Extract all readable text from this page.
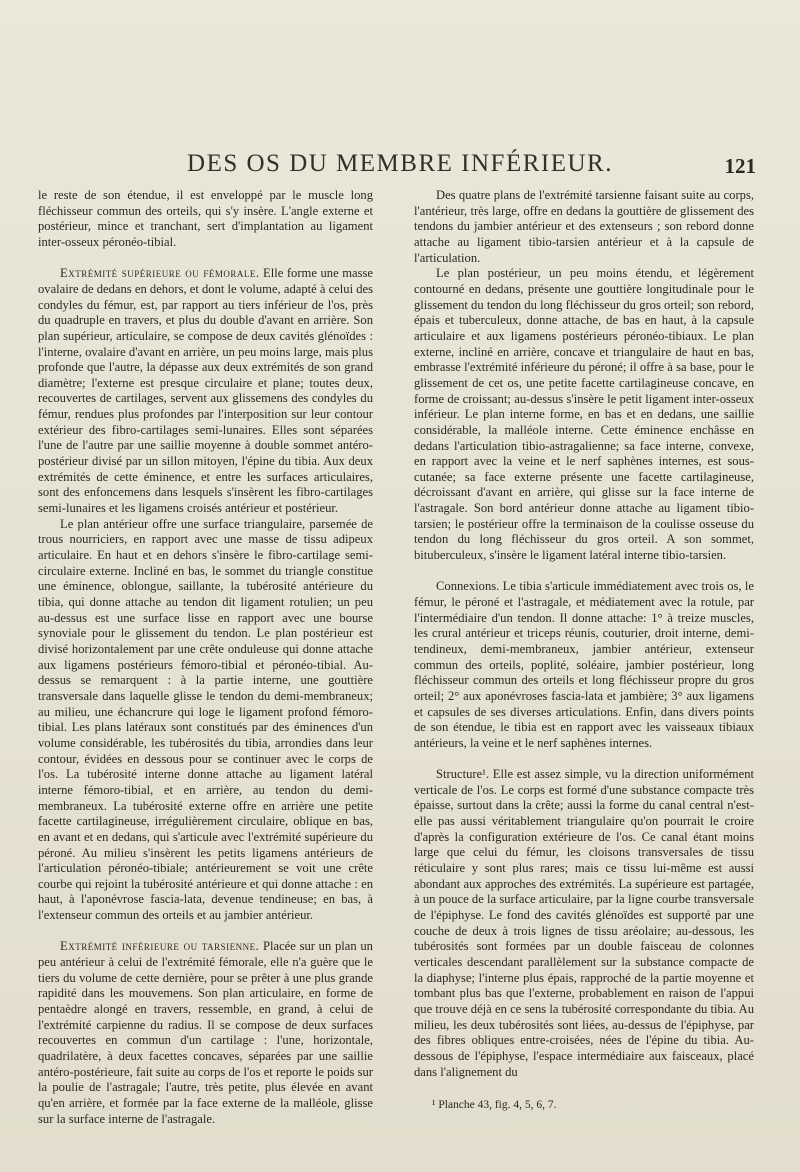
DES OS DU MEMBRE INFÉRIEUR.	121

le reste de son étendue, il est enveloppé par le muscle long fléchisseur commun des orteils, qui s'y insère. L'angle externe et postérieur, mince et tranchant, sert d'implantation au ligament inter-osseux péronéo-tibial.

Extrémité supérieure ou fémorale. Elle forme une masse ovalaire de dedans en dehors, et dont le volume, adapté à celui des condyles du fémur, est, par rapport au tiers inférieur de l'os, près du quadruple en travers, et plus du double d'avant en arrière. Son plan supérieur, articulaire, se compose de deux cavités glénoïdes : l'interne, ovalaire d'avant en arrière, un peu moins large, mais plus profonde que l'autre, la dépasse aux deux extrémités de son grand diamètre; l'externe est presque circulaire et plane; toutes deux, recouvertes de cartilages, servent aux glissemens des condyles du fémur, rendues plus profondes par l'interposition sur leur contour extérieur des fibro-cartilages semi-lunaires. Elles sont séparées l'une de l'autre par une saillie moyenne à double sommet antéro-postérieur divisé par un sillon mitoyen, l'épine du tibia. Aux deux extrémités de cette éminence, et entre les surfaces articulaires, sont des enfoncemens dans lesquels s'insèrent les fibro-cartilages semi-lunaires et les ligamens croisés antérieur et postérieur.

Le plan antérieur offre une surface triangulaire, parsemée de trous nourriciers, en rapport avec une masse de tissu adipeux articulaire. En haut et en dehors s'insère le fibro-cartilage semi-circulaire externe. Incliné en bas, le sommet du triangle constitue une éminence, oblongue, saillante, la tubérosité antérieure du tibia, qui donne attache au tendon dit ligament rotulien; un peu au-dessus est une surface lisse en rapport avec une bourse synoviale pour le glissement du tendon. Le plan postérieur est divisé horizontalement par une crête onduleuse qui donne attache aux ligamens postérieurs fémoro-tibial et péronéo-tibial. Au-dessus se remarquent : à la partie interne, une gouttière transversale dans laquelle glisse le tendon du demi-membraneux; au milieu, une échancrure qui loge le ligament profond fémoro-tibial. Les plans latéraux sont constitués par des éminences d'un volume considérable, les tubérosités du tibia, arrondies dans leur contour, évidées en dessous pour se continuer avec le corps de l'os. La tubérosité interne donne attache au ligament latéral interne fémoro-tibial, et en arrière, au tendon du demi-membraneux. La tubérosité externe offre en arrière une petite facette cartilagineuse, irrégulièrement circulaire, oblique en bas, en avant et en dedans, qui s'articule avec l'extrémité supérieure du péroné. Au milieu s'insèrent les petits ligamens antérieurs de l'articulation péronéo-tibiale; antérieurement se voit une crête courbe qui rejoint la tubérosité antérieure et qui donne attache : en haut, à l'aponévrose fascia-lata, devenue tendineuse; en bas, à l'extenseur commun des orteils et au jambier antérieur.

Extrémité inférieure ou tarsienne. Placée sur un plan un peu antérieur à celui de l'extrémité fémorale, elle n'a guère que le tiers du volume de cette dernière, pour se prêter à une plus grande rapidité dans les mouvemens. Son plan articulaire, en forme de pentaèdre alongé en travers, ressemble, en grand, à celui de l'extrémité carpienne du radius. Il se compose de deux surfaces recouvertes en commun d'un cartilage : l'une, horizontale, quadrilatère, à deux facettes concaves, séparées par une saillie antéro-postérieure, fait suite au corps de l'os et reporte le poids sur la poulie de l'astragale; l'autre, très petite, plus élevée en avant qu'en arrière, et formée par la face externe de la malléole, glisse sur la surface interne de l'astragale.

Des quatre plans de l'extrémité tarsienne faisant suite au corps, l'antérieur, très large, offre en dedans la gouttière de glissement des tendons du jambier antérieur et des extenseurs ; son rebord donne attache au ligament tibio-tarsien antérieur et à la capsule de l'articulation.

Le plan postérieur, un peu moins étendu, et légèrement contourné en dedans, présente une gouttière longitudinale pour le glissement du tendon du long fléchisseur du gros orteil; son rebord, épais et tuberculeux, donne attache, de bas en haut, à la capsule articulaire et aux ligamens postérieurs péronéo-tibiaux. Le plan externe, incliné en arrière, concave et triangulaire de haut en bas, embrasse l'extrémité inférieure du péroné; il offre à sa base, pour le glissement de cet os, une petite facette cartilagineuse concave, en forme de croissant; au-dessus s'insère le petit ligament inter-osseux inférieur. Le plan interne forme, en bas et en dedans, une saillie considérable, la malléole interne. Cette éminence enchâsse en dedans l'articulation tibio-astragalienne; sa face interne, convexe, en rapport avec la veine et le nerf saphènes internes, est sous-cutanée; sa face externe présente une facette cartilagineuse, décroissant d'avant en arrière, qui glisse sur la face interne de l'astragale. Son bord antérieur donne attache au ligament tibio-tarsien; le postérieur offre la terminaison de la coulisse osseuse du tendon du long fléchisseur du gros orteil. A son sommet, bituberculeux, s'insère le ligament latéral interne tibio-tarsien.

Connexions. Le tibia s'articule immédiatement avec trois os, le fémur, le péroné et l'astragale, et médiatement avec la rotule, par l'intermédiaire d'un tendon. Il donne attache: 1° à treize muscles, les crural antérieur et triceps réunis, couturier, droit interne, demi-tendineux, demi-membraneux, jambier antérieur, extenseur commun des orteils, poplité, soléaire, jambier postérieur, long fléchisseur commun des orteils et long fléchisseur propre du gros orteil; 2° aux aponévroses fascia-lata et jambière; 3° aux ligamens et capsules de ses diverses articulations. Enfin, dans divers points de son étendue, le tibia est en rapport avec les vaisseaux tibiaux antérieurs, la veine et le nerf saphènes internes.

Structure¹. Elle est assez simple, vu la direction uniformément verticale de l'os. Le corps est formé d'une substance compacte très épaisse, surtout dans la crête; aussi la forme du canal central n'est-elle pas aussi véritablement triangulaire qu'on pourrait le croire d'après la configuration extérieure de l'os. Ce canal étant moins large que celui du fémur, les cloisons transversales de tissu réticulaire y sont plus rares; mais ce tissu lui-même est aussi abondant aux approches des extrémités. La supérieure est partagée, à un pouce de la surface articulaire, par la ligne courbe transversale de l'épiphyse. Le fond des cavités glénoïdes est supporté par une couche de deux à trois lignes de tissu aréolaire; au-dessous, les tubérosités sont formées par un double faisceau de colonnes verticales descendant parallèlement sur la substance compacte de la diaphyse; l'interne plus épais, rapproché de la partie moyenne et tombant plus bas que l'externe, probablement en raison de l'appui que trouve déjà en ce sens la tubérosité correspondante du tibia. Au milieu, les deux tubérosités sont liées, au-dessus de l'épiphyse, par des fibres obliques entre-croisées, nées de l'épine du tibia. Au-dessous de l'épiphyse, l'espace intermédiaire aux faisceaux, placé dans l'alignement du

¹ Planche 43, fig. 4, 5, 6, 7.
